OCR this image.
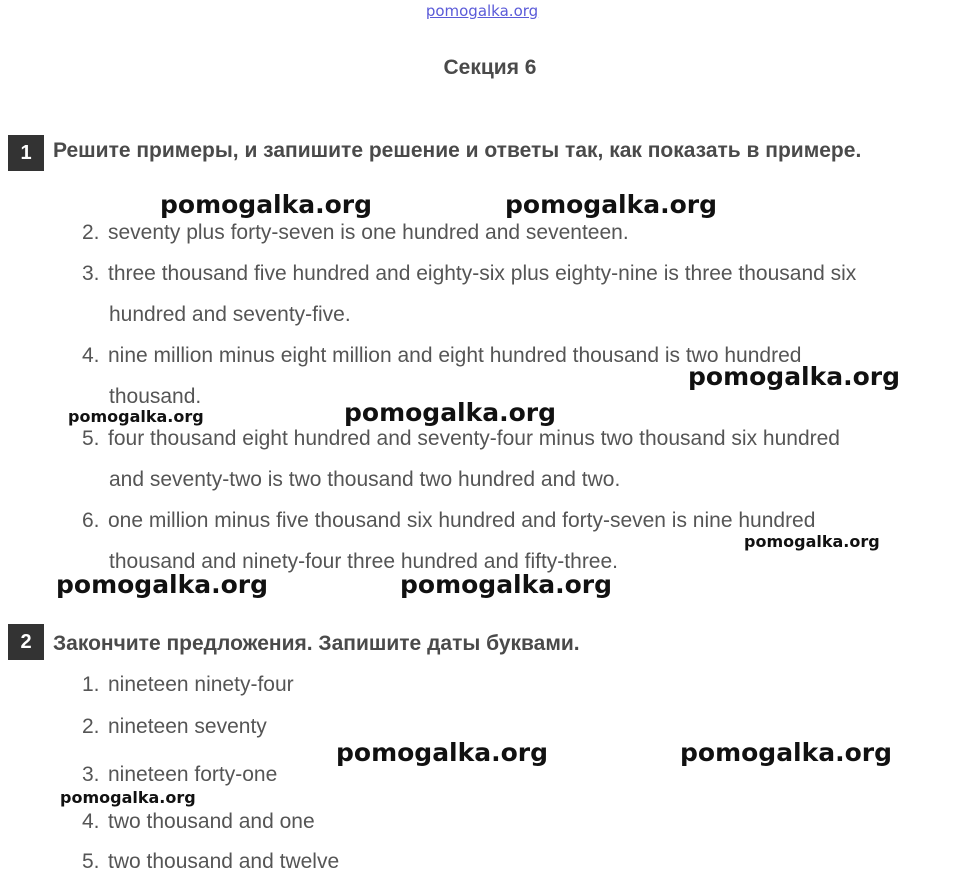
pomogalka.org
Секция 6
1	Решите примеры, и запишите решение и ответы так, как показать в примере.
2. seventy plus forty-seven is one hundred and seventeen.
3. three thousand five hundred and eighty-six plus eighty-nine is three thousand six
hundred and seventy-five.
4. nine million minus eight million and eight hundred thousand is two hundred
thousand.
5. four thousand eight hundred and seventy-four minus two thousand six hundred
and seventy-two is two thousand two hundred and two.
6. one million minus five thousand six hundred and forty-seven is nine hundred
thousand and ninety-four three hundred and fifty-three.
2	Закончите предложения. Запишите даты буквами.
1. nineteen ninety-four
2. nineteen seventy
3. nineteen forty-one
4. two thousand and one
5. two thousand and twelve
pomogalka.org	pomogalka.org
pomogalka.org
pomogalka.org	pomogalka.org
pomogalka.org
pomogalka.org	pomogalka.org
pomogalka.org	pomogalka.org
pomogalka.org
